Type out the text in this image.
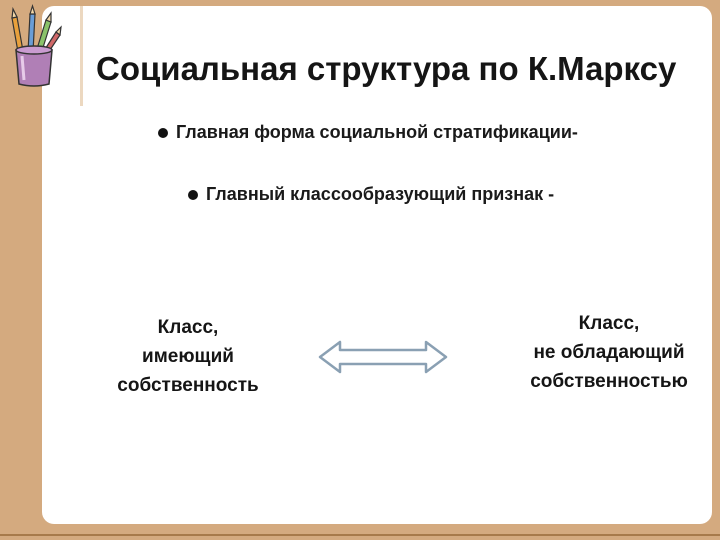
Социальная структура по К.Марксу
Главная форма социальной стратификации-
Главный классообразующий признак -
Класс,
имеющий
собственность
Класс,
не обладающий
собственностью
